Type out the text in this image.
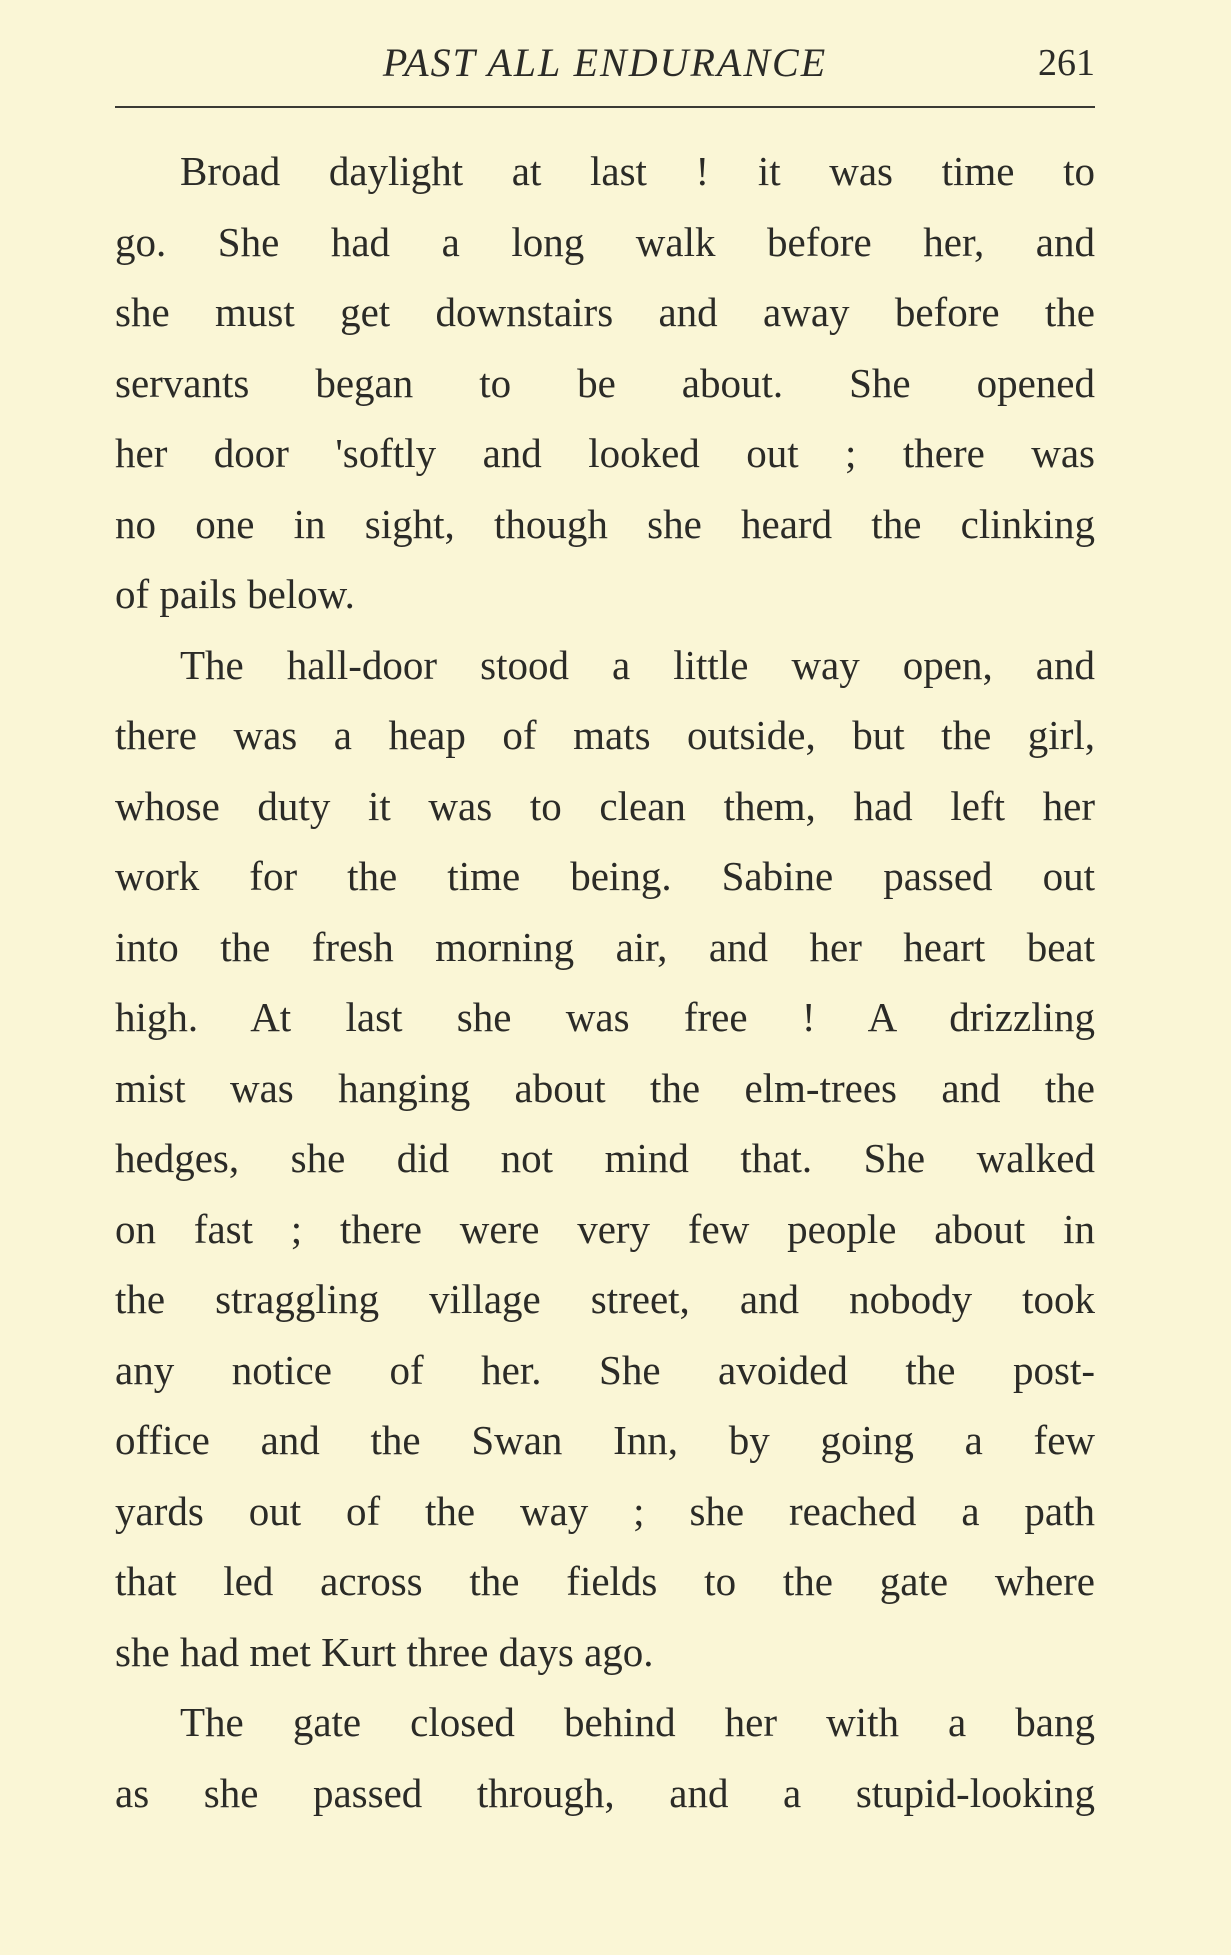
PAST ALL ENDURANCE	261
Broad daylight at last ! it was time to
go. She had a long walk before her, and
she must get downstairs and away before the
servants began to be about. She opened
her door 'softly and looked out ; there was
no one in sight, though she heard the clinking
of pails below.
The hall-door stood a little way open, and
there was a heap of mats outside, but the girl,
whose duty it was to clean them, had left her
work for the time being. Sabine passed out
into the fresh morning air, and her heart beat
high. At last she was free ! A drizzling
mist was hanging about the elm-trees and the
hedges, she did not mind that. She walked
on fast ; there were very few people about in
the straggling village street, and nobody took
any notice of her. She avoided the post-
office and the Swan Inn, by going a few
yards out of the way ; she reached a path
that led across the fields to the gate where
she had met Kurt three days ago.
The gate closed behind her with a bang
as she passed through, and a stupid-looking
